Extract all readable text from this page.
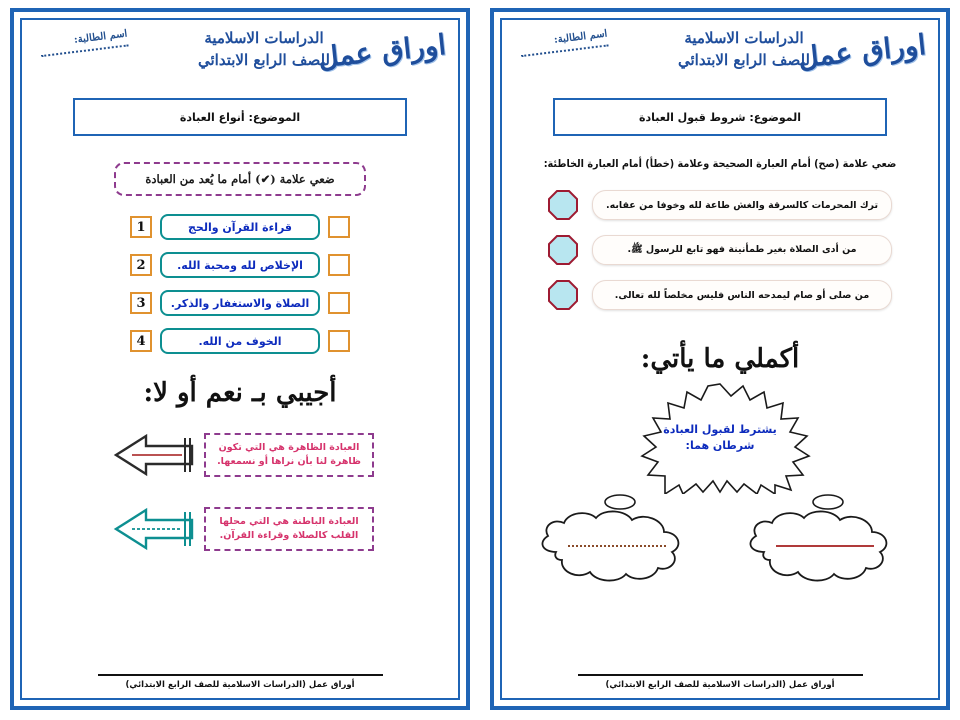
اوراق عمل
الدراسات الاسلامية
للصف الرابع الابتدائي
اسم الطالبة:
الموضوع: شروط قبول العبادة
ضعي علامة (صح) أمام العبارة الصحيحة وعلامة (خطأ) أمام العبارة الخاطئة:
ترك المحرمات كالسرقة والغش طاعة لله وخوفا من عقابه.
من أدى الصلاة بغير طمأنينة فهو تابع للرسول ﷺ.
من صلى أو صام ليمدحه الناس فليس مخلصاً لله تعالى.
أكملي ما يأتي:
يشترط لقبول العبادة
شرطان هما:
أوراق عمل (الدراسات الاسلامية للصف الرابع الابتدائي)
اوراق عمل
الدراسات الاسلامية
للصف الرابع الابتدائي
اسم الطالبة:
الموضوع: أنواع العبادة
ضعي علامة (✔) أمام ما يُعد من العبادة
قراءة القرآن والحج
1
الإخلاص لله ومحبة الله.
2
الصلاة والاستغفار والذكر.
3
الخوف من الله.
4
أجيبي بـ نعم أو لا:
العبادة الظاهرة هي التي تكون ظاهرة لنا بأن نراها أو نسمعها.
العبادة الباطنة هي التي محلها القلب كالصلاة وقراءة القرآن.
أوراق عمل (الدراسات الاسلامية للصف الرابع الابتدائي)
